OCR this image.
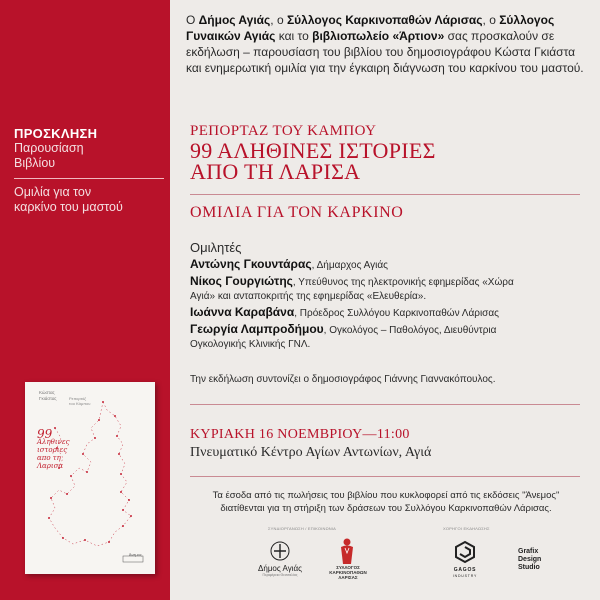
ΠΡΟΣΚΛΗΣΗ
Παρουσίαση
Βιβλίου
Ομιλία για τον
καρκίνο του μαστού
Κώστας
Γκιάστας	Ρεπορτάζ
του Κάμπου
99
Αληθινες
ιστοριες
απο τη
Λαρισα
Άνεμος
Ο Δήμος Αγιάς, ο Σύλλογος Καρκινοπαθών Λάρισας, ο Σύλλογος Γυναικών Αγιάς και το βιβλιοπωλείο «Άρτιον» σας προσκαλούν σε εκδήλωση – παρουσίαση του βιβλίου του δημοσιογράφου Κώστα Γκιάστα και ενημερωτική ομιλία για την έγκαιρη διάγνωση του καρκίνου του μαστού.
ΡΕΠΟΡΤΑΖ ΤΟΥ ΚΑΜΠΟΥ
99 ΑΛΗΘΙΝΕΣ ΙΣΤΟΡΙΕΣ
ΑΠΟ ΤΗ ΛΑΡΙΣΑ
ΟΜΙΛΙΑ ΓΙΑ ΤΟΝ ΚΑΡΚΙΝΟ
Ομιλητές
Αντώνης Γκουντάρας, Δήμαρχος Αγιάς
Νίκος Γουργιώτης, Υπεύθυνος της ηλεκτρονικής εφημερίδας «Χώρα
Αγιά» και ανταποκριτής της εφημερίδας «Ελευθερία».
Ιωάννα Καραβάνα, Πρόεδρος Συλλόγου Καρκινοπαθών Λάρισας
Γεωργία Λαμπροδήμου, Ογκολόγος – Παθολόγος, Διευθύντρια
Ογκολογικής Κλινικής ΓΝΛ.
Την εκδήλωση συντονίζει ο δημοσιογράφος Γιάννης Γιαννακόπουλος.
ΚΥΡΙΑΚΗ 16 ΝΟΕΜΒΡΙΟΥ—11:00
Πνευματικό Κέντρο Αγίων Αντωνίων, Αγιά
Τα έσοδα από τις πωλήσεις του βιβλίου που κυκλοφορεί από τις εκδόσεις "Άνεμος"
διατίθενται για τη στήριξη των δράσεων του Συλλόγου Καρκινοπαθών Λάρισας.
ΣΥΝΔΙΟΡΓΑΝΩΣΗ / ΕΠΙΚΟΙΝΩΝΙΑ	ΧΟΡΗΓΟΙ ΕΚΔΗΛΩΣΗΣ
Δήμος Αγιάς
Περιφέρεια Θεσσαλίας
ΣΥΛΛΟΓΟΣ
ΚΑΡΚΙΝΟΠΑΘΩΝ
ΛΑΡΙΣΑΣ
GAGOS
INDUSTRY
Grafix
Design
Studio
